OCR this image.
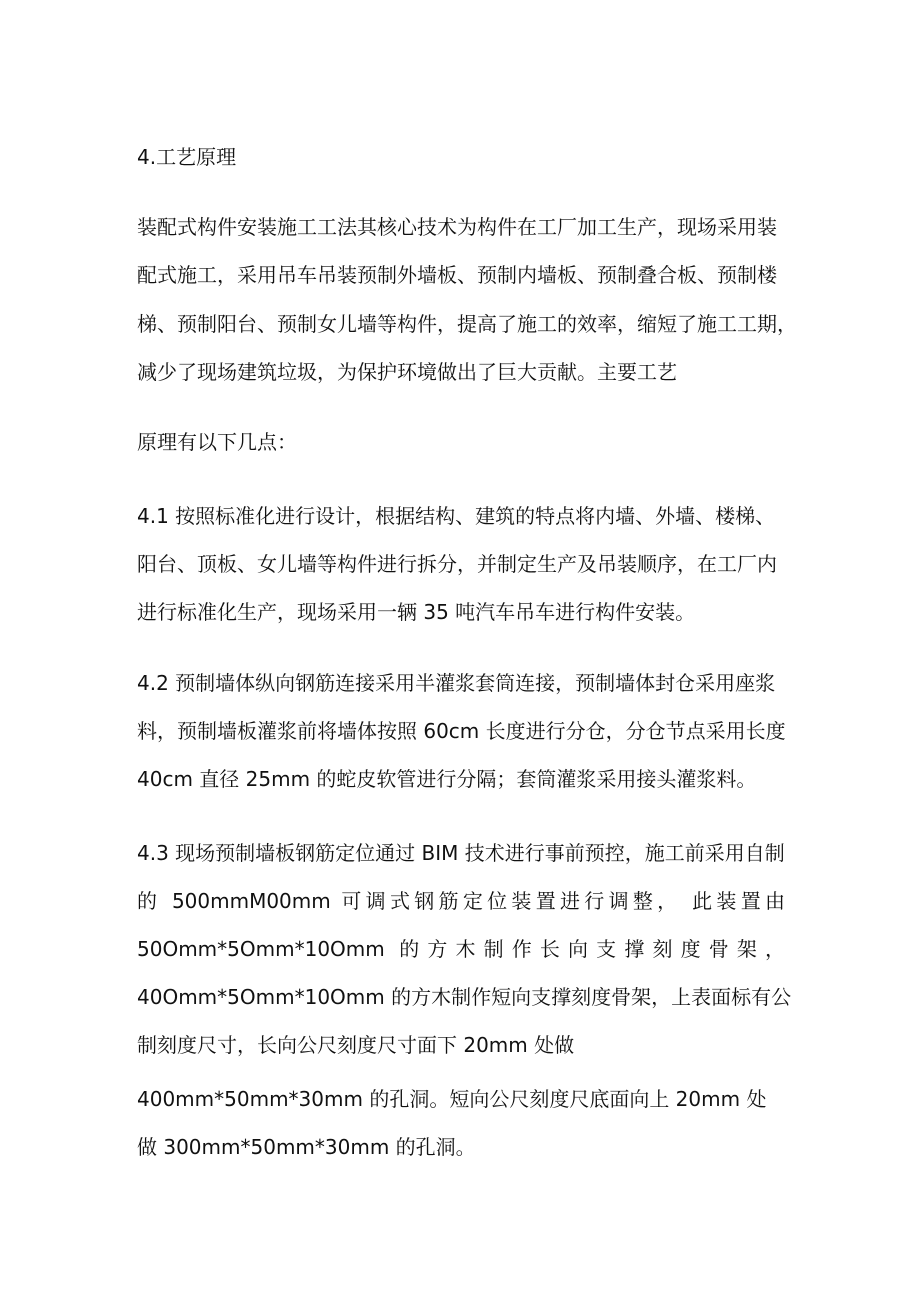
4.工艺原理
装配式构件安装施工工法其核心技术为构件在工厂加工生产，现场采用装
配式施工，采用吊车吊装预制外墙板、预制内墙板、预制叠合板、预制楼
梯、预制阳台、预制女儿墙等构件，提高了施工的效率，缩短了施工工期，
减少了现场建筑垃圾，为保护环境做出了巨大贡献。主要工艺
原理有以下几点：
4.1 按照标准化进行设计，根据结构、建筑的特点将内墙、外墙、楼梯、
阳台、顶板、女儿墙等构件进行拆分，并制定生产及吊装顺序，在工厂内
进行标准化生产，现场采用一辆 35 吨汽车吊车进行构件安装。
4.2 预制墙体纵向钢筋连接采用半灌浆套筒连接，预制墙体封仓采用座浆
料，预制墙板灌浆前将墙体按照 60cm 长度进行分仓，分仓节点采用长度
40cm 直径 25mm 的蛇皮软管进行分隔；套筒灌浆采用接头灌浆料。
4.3 现场预制墙板钢筋定位通过 BIM 技术进行事前预控，施工前采用自制
的 500mmM00mm 可调式钢筋定位装置进行调整， 此装置由
50Omm*5Omm*10Omm 的方木制作长向支撑刻度骨架，
40Omm*5Omm*10Omm 的方木制作短向支撑刻度骨架，上表面标有公
制刻度尺寸，长向公尺刻度尺寸面下 20mm 处做
400mm*50mm*30mm 的孔洞。短向公尺刻度尺底面向上 20mm 处
做 300mm*50mm*30mm 的孔洞。
